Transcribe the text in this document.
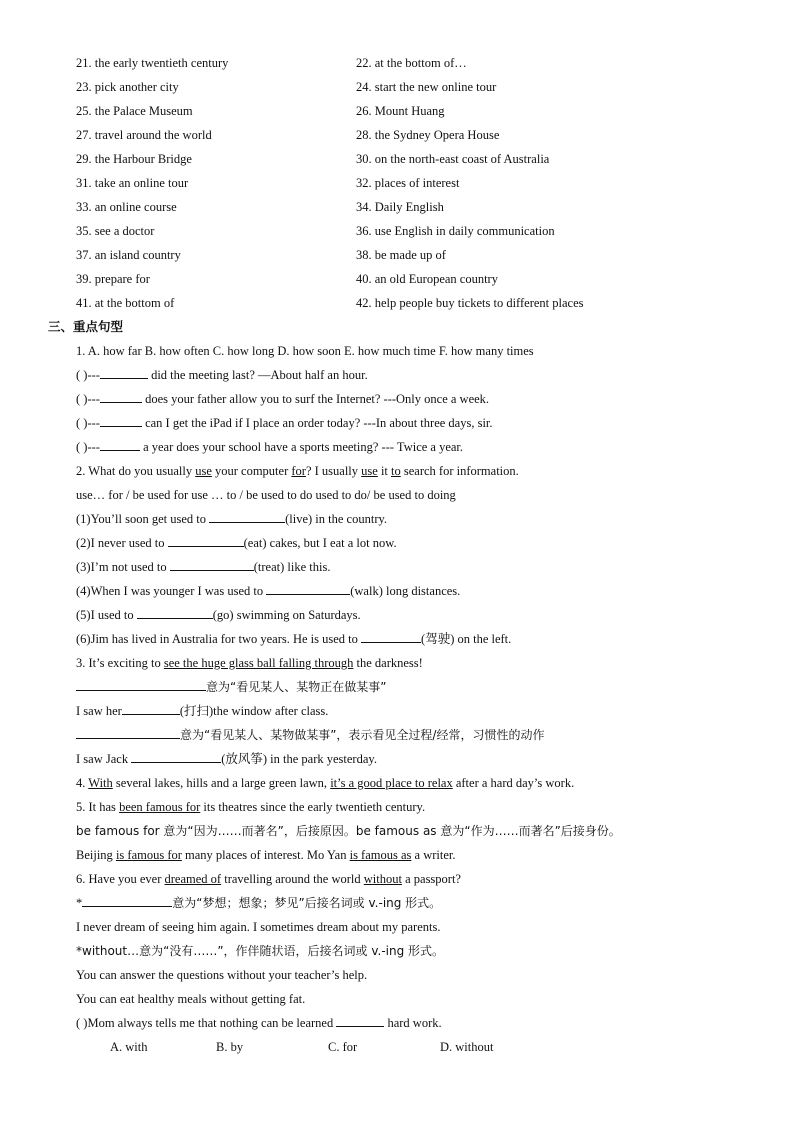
21. the early twentieth century	22. at the bottom of…
23. pick another city	24. start the new online tour
25. the Palace Museum	26. Mount Huang
27. travel around the world	28. the Sydney Opera House
29. the Harbour Bridge	30. on the north-east coast of Australia
31. take an online tour	32. places of interest
33. an online course	34. Daily English
35. see a doctor	36. use English in daily communication
37. an island country	38. be made up of
39. prepare for	40. an old European country
41. at the bottom of	42. help people buy tickets to different places
三、重点句型
1. A. how far B. how often C. how long D. how soon E. how much time F. how many times
( )---	did the meeting last? —About half an hour.
( )---	does your father allow you to surf the Internet? ---Only once a week.
( )---	can I get the iPad if I place an order today? ---In about three days, sir.
( )---	a year does your school have a sports meeting? --- Twice a year.
2. What do you usually use your computer for? I usually use it to search for information.
use… for / be used for use … to / be used to do used to do/ be used to doing
(1)You’ll soon get used to	(live) in the country.
(2)I never used to	(eat) cakes, but I eat a lot now.
(3)I’m not used to	(treat) like this.
(4)When I was younger I was used to	(walk) long distances.
(5)I used to	(go) swimming on Saturdays.
(6)Jim has lived in Australia for two years. He is used to	(驾驶) on the left.
3. It’s exciting to see the huge glass ball falling through the darkness!
意为“看见某人、某物正在做某事”
I saw her	(打扫)the window after class.
意为“看见某人、某物做某事”，表示看见全过程/经常，习惯性的动作
I saw Jack	(放风筝) in the park yesterday.
4. With several lakes, hills and a large green lawn, it’s a good place to relax after a hard day’s work.
5. It has been famous for its theatres since the early twentieth century.
be famous for 意为“因为……而著名”，后接原因。be famous as 意为“作为……而著名”后接身份。
Beijing is famous for many places of interest. Mo Yan is famous as a writer.
6. Have you ever dreamed of travelling around the world without a passport?
*	意为“梦想；想象；梦见”后接名词或 v.-ing 形式。
I never dream of seeing him again. I sometimes dream about my parents.
*without…意为“没有……”，作伴随状语，后接名词或 v.-ing 形式。
You can answer the questions without your teacher’s help.
You can eat healthy meals without getting fat.
( )Mom always tells me that nothing can be learned	hard work.
A. with	B. by	C. for	D. without
